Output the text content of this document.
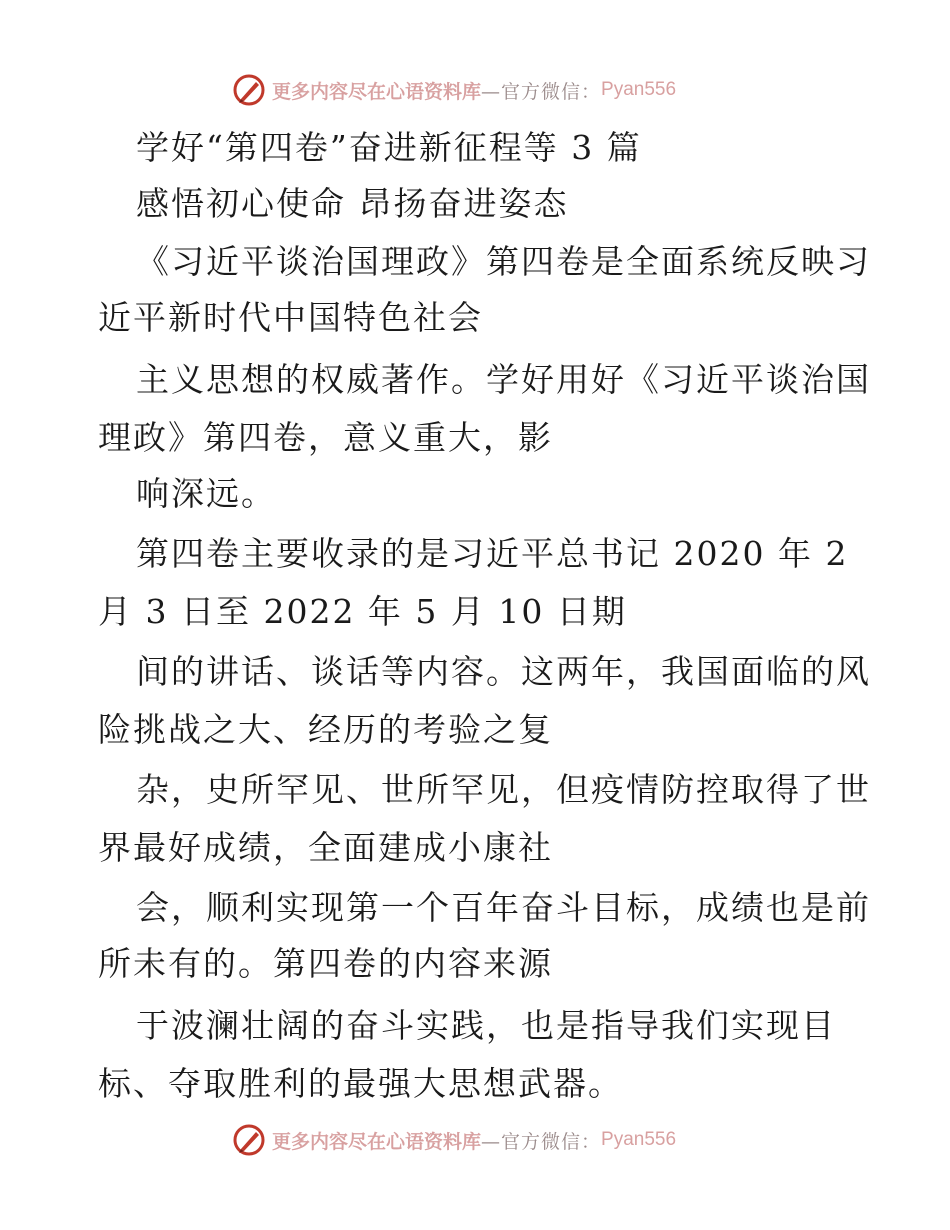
更多内容尽在心语资料库 —官方微信： Pyan556
学好“第四卷”奋进新征程等 3 篇
感悟初心使命 昂扬奋进姿态
《习近平谈治国理政》第四卷是全面系统反映习
近平新时代中国特色社会
主义思想的权威著作。学好用好《习近平谈治国
理政》第四卷，意义重大，影
响深远。
第四卷主要收录的是习近平总书记 2020 年 2
月 3 日至 2022 年 5 月 10 日期
间的讲话、谈话等内容。这两年，我国面临的风
险挑战之大、经历的考验之复
杂，史所罕见、世所罕见，但疫情防控取得了世
界最好成绩，全面建成小康社
会，顺利实现第一个百年奋斗目标，成绩也是前
所未有的。第四卷的内容来源
于波澜壮阔的奋斗实践，也是指导我们实现目
标、夺取胜利的最强大思想武器。
更多内容尽在心语资料库 —官方微信： Pyan556
